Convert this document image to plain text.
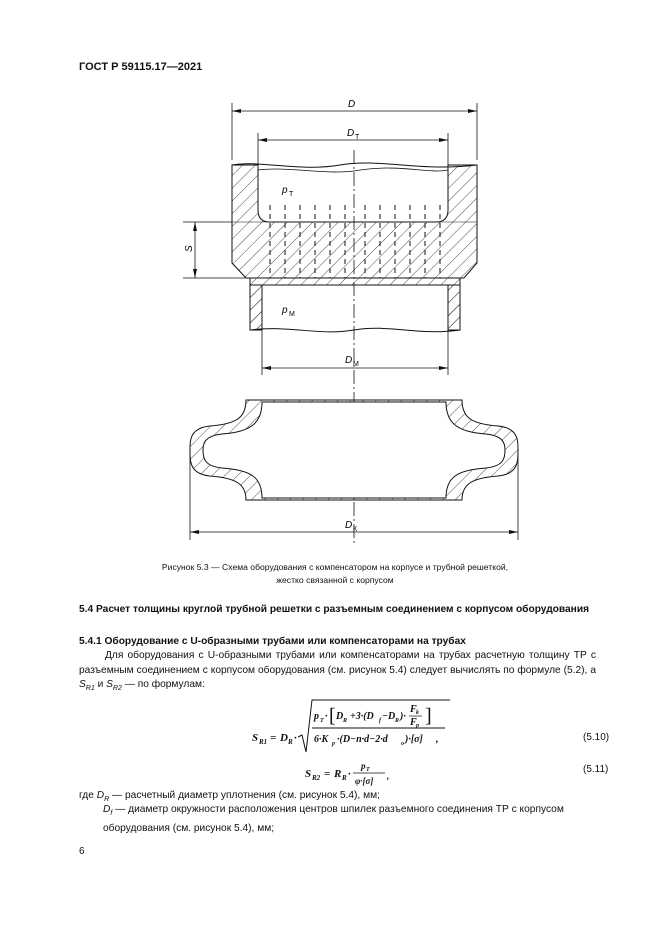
ГОСТ Р 59115.17—2021
D
D Т
p Т
S
p М
D М
D К
Рисунок 5.3 — Схема оборудования с компенсатором на корпусе и трубной решеткой,
жестко связанной с корпусом
5.4 Расчет толщины круглой трубной решетки с разъемным соединением с корпусом оборудования
5.4.1 Оборудование с U-образными трубами или компенсаторами на трубах
Для оборудования с U-образными трубами или компенсаторами на трубах расчетную толщину ТР с разъемным соединением с корпусом оборудования (см. рисунок 5.4) следует вычислять по формуле (5.2), а $S_{R1}$ и $S_{R2}$ — по формулам:
S R1 = D R ·
p T · [ D R +3·(D f −D R )·
F k
F p ]
6·K p ·(D−n·d−2·d o )·[σ] ,	(5.10)
S R2 = R R ·
p T
φ·[σ] ,
(5.11)
где $D_R$ — расчетный диаметр уплотнения (см. рисунок 5.4), мм;
$D_f$ — диаметр окружности расположения центров шпилек разъемного соединения ТР с корпусом оборудования (см. рисунок 5.4), мм;
6
